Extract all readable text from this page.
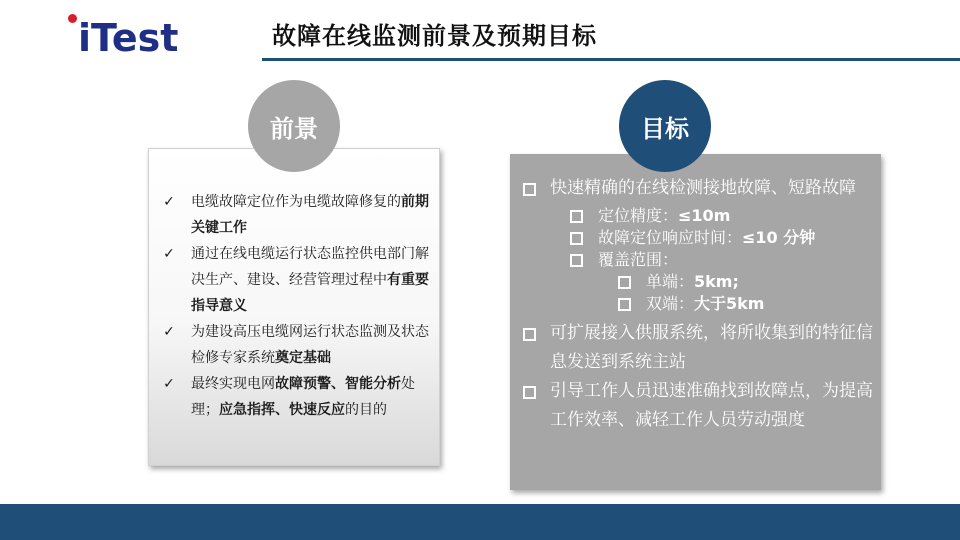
iTest	故障在线监测前景及预期目标
✓ 电缆故障定位作为电缆故障修复的前期关键工作
✓ 通过在线电缆运行状态监控供电部门解决生产、建设、经营管理过程中有重要指导意义
✓ 为建设高压电缆网运行状态监测及状态检修专家系统奠定基础
✓ 最终实现电网故障预警、智能分析处理；应急指挥、快速反应的目的
前景
快速精确的在线检测接地故障、短路故障
定位精度：≤10m
故障定位响应时间：≤10 分钟
覆盖范围：
单端：5km;
双端：大于5km
可扩展接入供服系统，将所收集到的特征信息发送到系统主站
引导工作人员迅速准确找到故障点，为提高工作效率、减轻工作人员劳动强度
目标
